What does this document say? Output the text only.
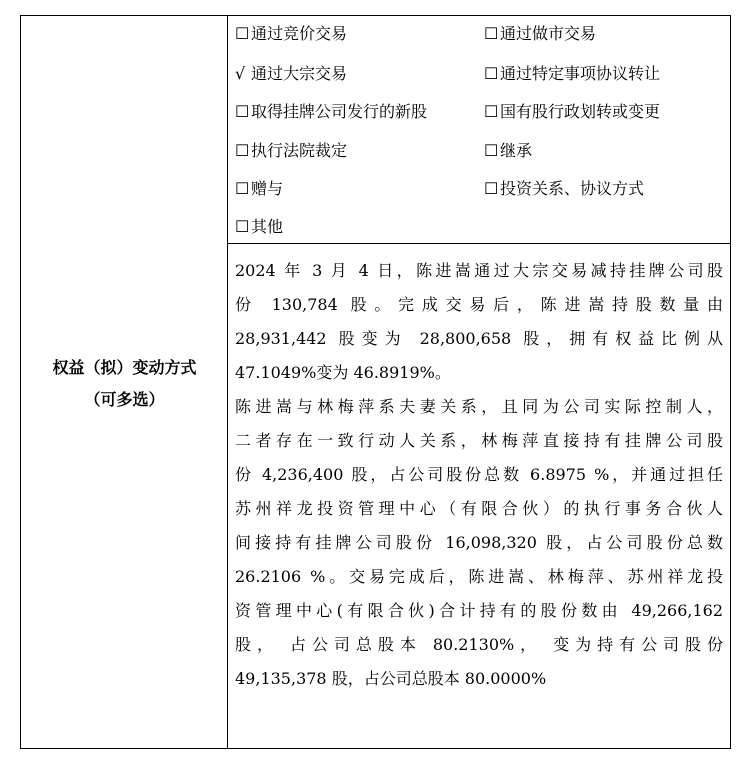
权益（拟）变动方式
（可多选）
☐ 通过竞价交易	☐ 通过做市交易
√ 通过大宗交易	☐ 通过特定事项协议转让
☐ 取得挂牌公司发行的新股	☐ 国有股行政划转或变更
☐ 执行法院裁定	☐ 继承
☐ 赠与	☐ 投资关系、协议方式
☐ 其他
2024 年 3 月 4 日，陈进嵩通过大宗交易减持挂牌公司股
份 130,784 股。完成交易后，陈进嵩持股数量由
28,931,442 股变为 28,800,658 股，拥有权益比例从
47.1049%变为 46.8919%。
陈进嵩与林梅萍系夫妻关系，且同为公司实际控制人，
二者存在一致行动人关系，林梅萍直接持有挂牌公司股
份 4,236,400 股，占公司股份总数 6.8975 %，并通过担任
苏州祥龙投资管理中心（有限合伙）的执行事务合伙人
间接持有挂牌公司股份 16,098,320 股，占公司股份总数
26.2106 %。交易完成后，陈进嵩、林梅萍、苏州祥龙投
资管理中心(有限合伙)合计持有的股份数由 49,266,162
股， 占公司总股本 80.2130%， 变为持有公司股份
49,135,378 股，占公司总股本 80.0000%
